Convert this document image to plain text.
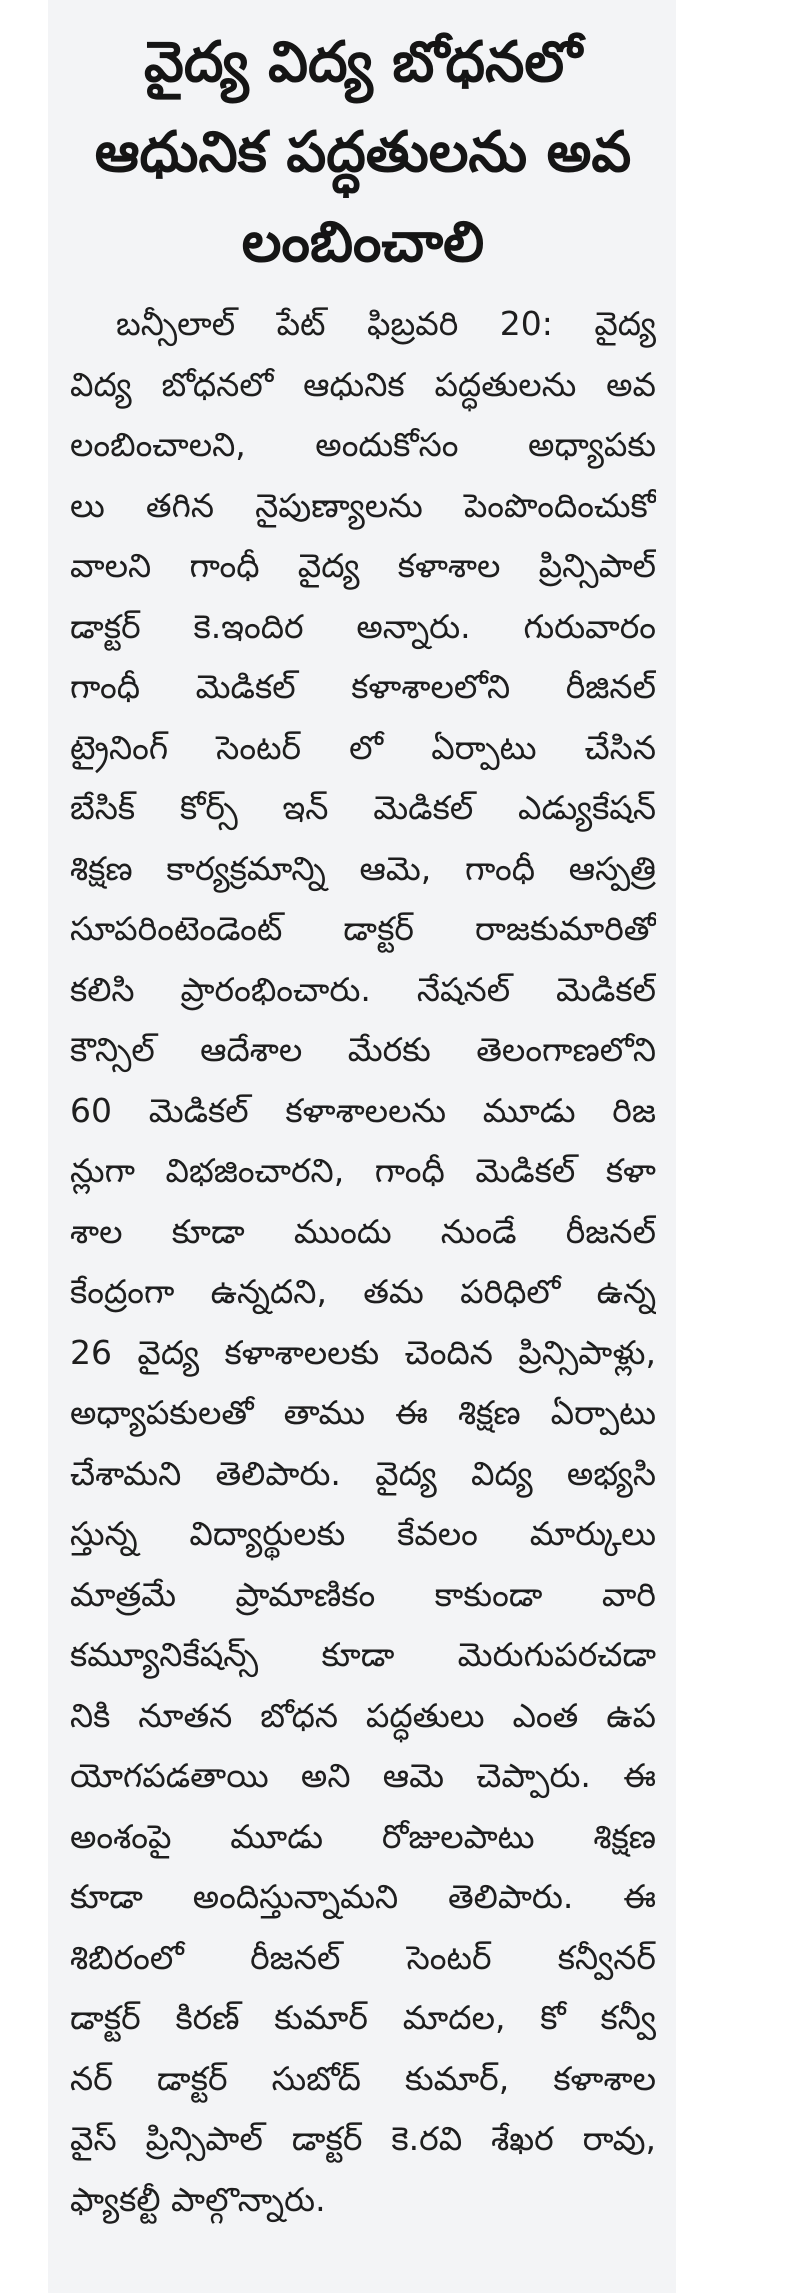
వైద్య విద్య బోధనలో
ఆధునిక పద్ధతులను అవ
లంబించాలి
బన్సీలాల్ పేట్ ఫిబ్రవరి 20: వైద్య
విద్య బోధనలో ఆధునిక పద్ధతులను అవ
లంబించాలని, అందుకోసం అధ్యాపకు
లు తగిన నైపుణ్యాలను పెంపొందించుకో
వాలని గాంధీ వైద్య కళాశాల ప్రిన్సిపాల్
డాక్టర్ కె.ఇందిర అన్నారు. గురువారం
గాంధీ మెడికల్ కళాశాలలోని రీజినల్
ట్రైనింగ్ సెంటర్ లో ఏర్పాటు చేసిన
బేసిక్ కోర్స్ ఇన్ మెడికల్ ఎడ్యుకేషన్
శిక్షణ కార్యక్రమాన్ని ఆమె, గాంధీ ఆస్పత్రి
సూపరింటెండెంట్ డాక్టర్ రాజకుమారితో
కలిసి ప్రారంభించారు. నేషనల్ మెడికల్
కౌన్సిల్ ఆదేశాల మేరకు తెలంగాణలోని
60 మెడికల్ కళాశాలలను మూడు రిజ
న్లుగా విభజించారని, గాంధీ మెడికల్ కళా
శాల కూడా ముందు నుండే రీజనల్
కేంద్రంగా ఉన్నదని, తమ పరిధిలో ఉన్న
26 వైద్య కళాశాలలకు చెందిన ప్రిన్సిపాళ్లు,
అధ్యాపకులతో తాము ఈ శిక్షణ ఏర్పాటు
చేశామని తెలిపారు. వైద్య విద్య అభ్యసి
స్తున్న విద్యార్థులకు కేవలం మార్కులు
మాత్రమే ప్రామాణికం కాకుండా వారి
కమ్యూనికేషన్స్ కూడా మెరుగుపరచడా
నికి నూతన బోధన పద్ధతులు ఎంత ఉప
యోగపడతాయి అని ఆమె చెప్పారు. ఈ
అంశంపై మూడు రోజులపాటు శిక్షణ
కూడా అందిస్తున్నామని తెలిపారు. ఈ
శిబిరంలో రీజనల్ సెంటర్ కన్వీనర్
డాక్టర్ కిరణ్ కుమార్ మాదల, కో కన్వీ
నర్ డాక్టర్ సుబోద్ కుమార్, కళాశాల
వైస్ ప్రిన్సిపాల్ డాక్టర్ కె.రవి శేఖర రావు,
ఫ్యాకల్టీ పాల్గొన్నారు.
